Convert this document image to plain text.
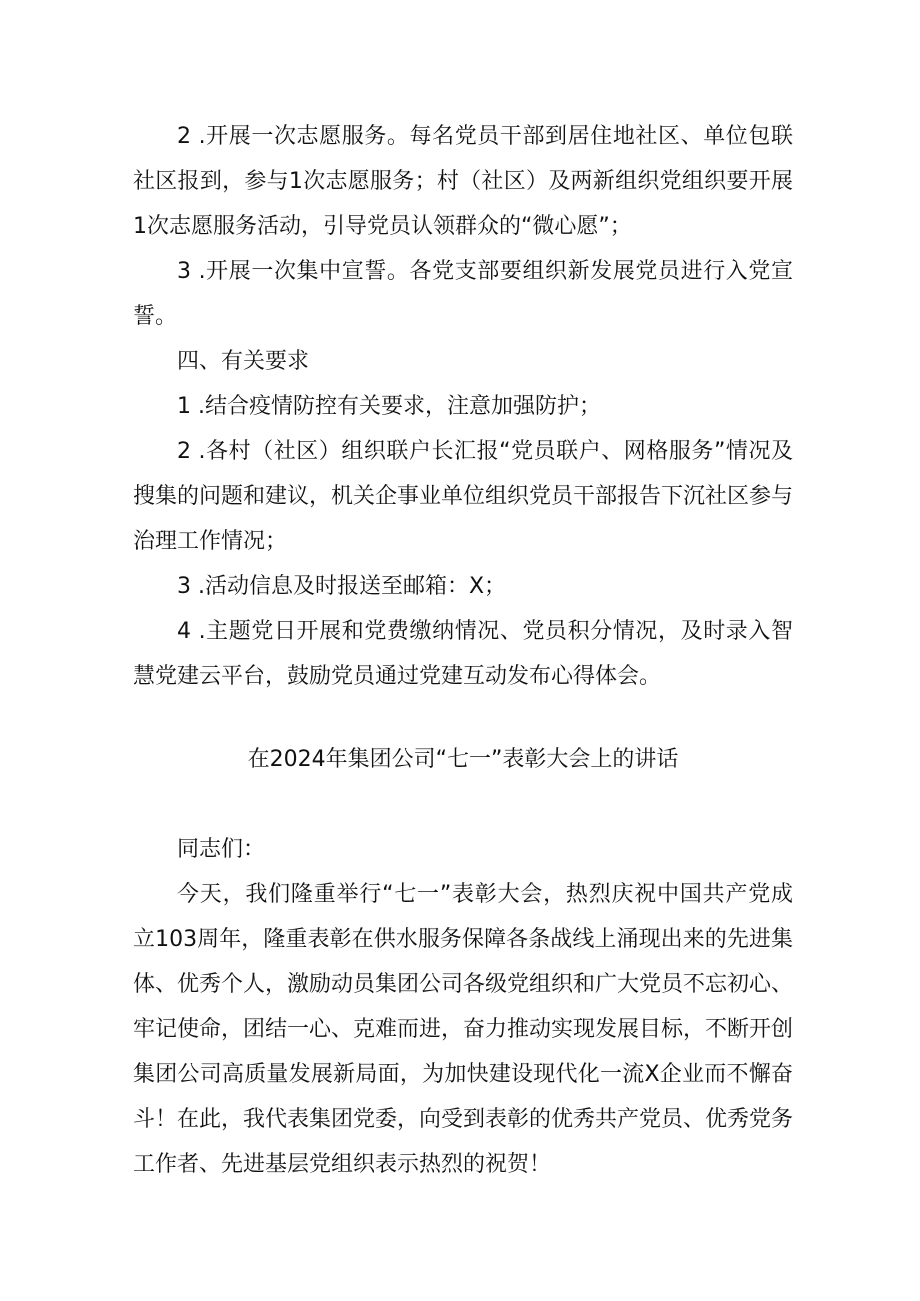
2 .开展一次志愿服务。每名党员干部到居住地社区、单位包联社区报到，参与1次志愿服务；村（社区）及两新组织党组织要开展1次志愿服务活动，引导党员认领群众的“微心愿”；

3 .开展一次集中宣誓。各党支部要组织新发展党员进行入党宣誓。

四、有关要求

1 .结合疫情防控有关要求，注意加强防护；

2 .各村（社区）组织联户长汇报“党员联户、网格服务”情况及搜集的问题和建议，机关企事业单位组织党员干部报告下沉社区参与治理工作情况；

3 .活动信息及时报送至邮箱：X；

4 .主题党日开展和党费缴纳情况、党员积分情况，及时录入智慧党建云平台，鼓励党员通过党建互动发布心得体会。

在2024年集团公司“七一”表彰大会上的讲话

同志们：

今天，我们隆重举行“七一”表彰大会，热烈庆祝中国共产党成立103周年，隆重表彰在供水服务保障各条战线上涌现出来的先进集体、优秀个人，激励动员集团公司各级党组织和广大党员不忘初心、牢记使命，团结一心、克难而进，奋力推动实现发展目标，不断开创集团公司高质量发展新局面，为加快建设现代化一流X企业而不懈奋斗！在此，我代表集团党委，向受到表彰的优秀共产党员、优秀党务工作者、先进基层党组织表示热烈的祝贺！
